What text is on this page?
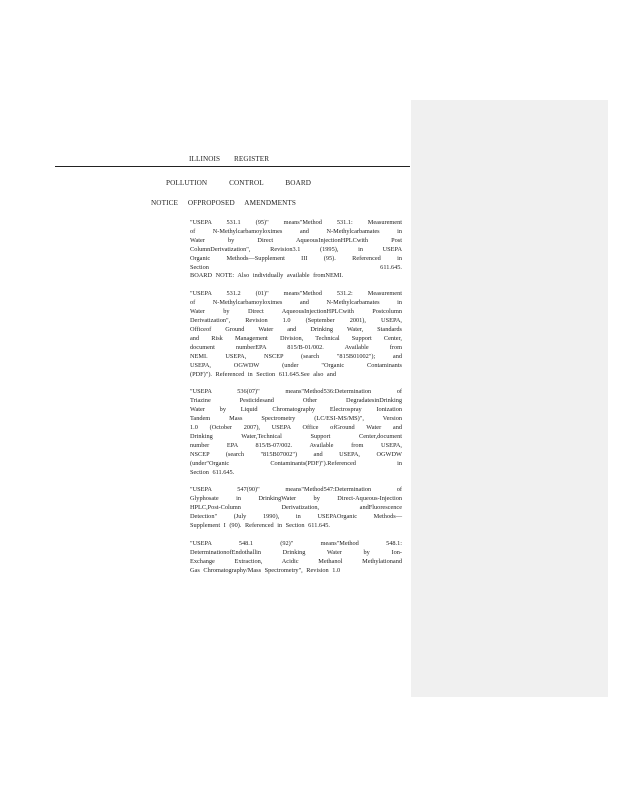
ILLINOIS REGISTER
POLLUTION CONTROL BOARD
NOTICE OFPROPOSED AMENDMENTS
"USEPA 531.1 (95)" means"Method 531.1: Measurement
of N-Methylcarbamoyloximes and N-Methylcarbamates in
Water by Direct AqueousInjectionHPLCwith Post
ColumnDerivatization", Revision3.1 (1995), in USEPA
Organic Methods—Supplement III (95). Referenced in
Section 611.645.
BOARD NOTE: Also individually available fromNEMI.
"USEPA 531.2 (01)" means"Method 531.2: Measurement
of N-Methylcarbamoyloximes and N-Methylcarbamates in
Water by Direct AqueousInjectionHPLCwith Postcolumn
Derivatization", Revision 1.0 (September 2001), USEPA,
Officeof Ground Water and Drinking Water, Standards
and Risk Management Division, Technical Support Center,
document numberEPA 815/B-01/002. Available from
NEMI. USEPA, NSCEP (search "815B01002"); and
USEPA, OGWDW (under "Organic Contaminants
(PDF)"). Referenced in Section 611.645.See also and
"USEPA 536(07)" means"Method536:Determination of
Triazine Pesticidesand Other DegradatesinDrinking
Water by Liquid Chromatography Electrospray Ionization
Tandem Mass Spectrometry (LC/ESI-MS/MS)", Version
1.0 (October 2007), USEPA Office ofGround Water and
Drinking Water,Technical Support Center,document
number EPA 815/B-07/002. Available from USEPA,
NSCEP (search "815B07002") and USEPA, OGWDW
(under"Organic Contaminants(PDF)").Referenced in
Section 611.645.
"USEPA 547(90)" means"Method547:Determination of
Glyphosate in DrinkingWater by Direct-Aqueous-Injection
HPLC,Post-Column Derivatization, andFluorescence
Detection" (July 1990), in USEPAOrganic Methods—
Supplement I (90). Referenced in Section 611.645.
"USEPA 548.1 (92)" means"Method 548.1:
DeterminationofEndothallin Drinking Water by Ion-
Exchange Extraction, Acidic Methanol Methylationand
Gas Chromatography/Mass Spectrometry", Revision 1.0
